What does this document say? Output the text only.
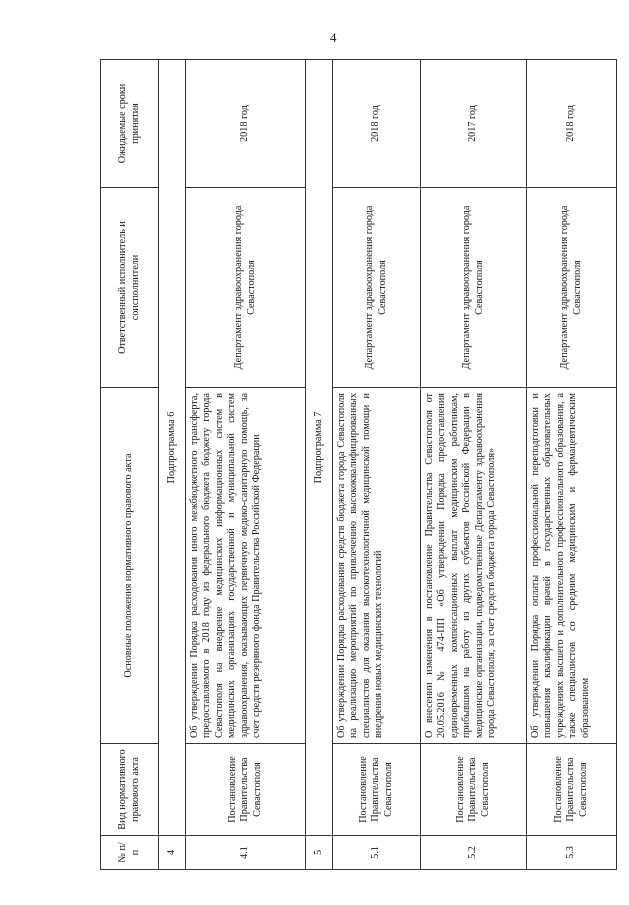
4
№ п/п	Вид нормативного правового акта	Основные положения нормативного правового акта	Ответственный исполнитель и соисполнители	Ожидаемые сроки принятия
4	Подпрограмма 6			
4.1	Постановление Правительства Севастополя	Об утверждении Порядка расходования иного межбюджетного трансферта, предоставляемого в 2018 году из федерального бюджета бюджету города Севастополя на внедрение медицинских информационных систем в медицинских организациях государственной и муниципальной систем здравоохранения, оказывающих первичную медико-санитарную помощь, за счет средств резервного фонда Правительства Российской Федерации	Департамент здравоохранения города Севастополя	2018 год
5	Подпрограмма 7			
5.1	Постановление Правительства Севастополя	Об утверждении Порядка расходования средств бюджета города Севастополя на реализацию мероприятий по привлечению высококвалифицированных специалистов для оказания высокотехнологичной медицинской помощи и внедрения новых медицинских технологий	Департамент здравоохранения города Севастополя	2018 год
5.2	Постановление Правительства Севастополя	О внесении изменения в постановление Правительства Севастополя от 20.05.2016 № 474-ПП «Об утверждении Порядка предоставления единовременных компенсационных выплат медицинским работникам, прибывшим на работу из других субъектов Российской Федерации в медицинские организации, подведомственные Департаменту здравоохранения города Севастополя, за счет средств бюджета города Севастополя»	Департамент здравоохранения города Севастополя	2017 год
5.3	Постановление Правительства Севастополя	Об утверждении Порядка оплаты профессиональной переподготовки и повышения квалификации врачей в государственных образовательных учреждениях высшего и дополнительного профессионального образования, а также специалистов со средним медицинским и фармацевтическим образованием	Департамент здравоохранения города Севастополя	2018 год
